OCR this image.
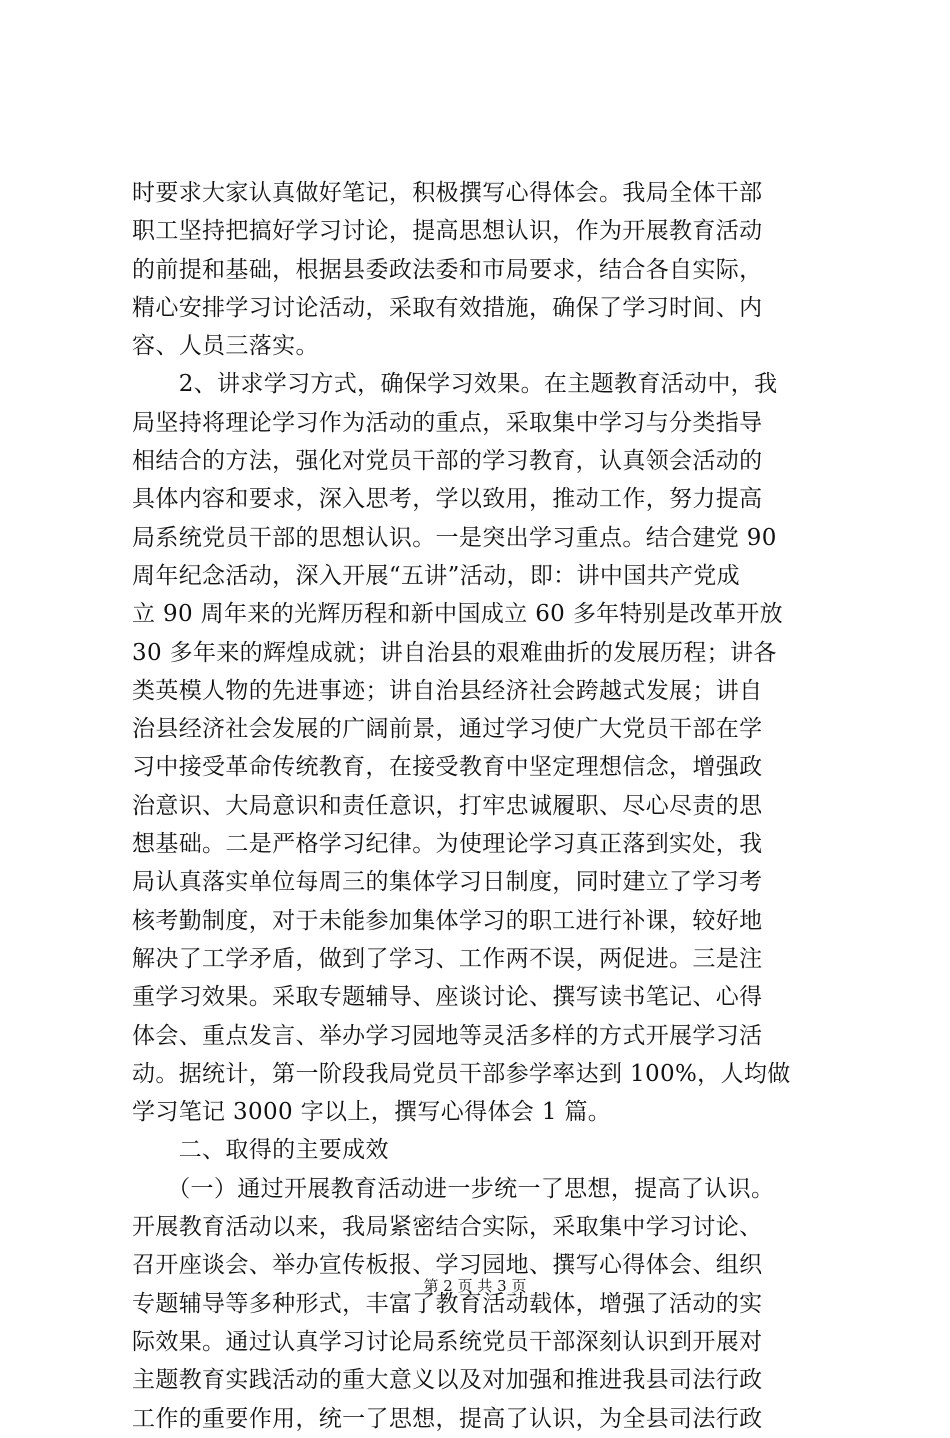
时要求大家认真做好笔记，积极撰写心得体会。我局全体干部
职工坚持把搞好学习讨论，提高思想认识，作为开展教育活动
的前提和基础，根据县委政法委和市局要求，结合各自实际，
精心安排学习讨论活动，采取有效措施，确保了学习时间、内
容、人员三落实。
　　2、讲求学习方式，确保学习效果。在主题教育活动中，我
局坚持将理论学习作为活动的重点，采取集中学习与分类指导
相结合的方法，强化对党员干部的学习教育，认真领会活动的
具体内容和要求，深入思考，学以致用，推动工作，努力提高
局系统党员干部的思想认识。一是突出学习重点。结合建党 90
周年纪念活动，深入开展“五讲”活动，即：讲中国共产党成
立 90 周年来的光辉历程和新中国成立 60 多年特别是改革开放
30 多年来的辉煌成就；讲自治县的艰难曲折的发展历程；讲各
类英模人物的先进事迹；讲自治县经济社会跨越式发展；讲自
治县经济社会发展的广阔前景，通过学习使广大党员干部在学
习中接受革命传统教育，在接受教育中坚定理想信念，增强政
治意识、大局意识和责任意识，打牢忠诚履职、尽心尽责的思
想基础。二是严格学习纪律。为使理论学习真正落到实处，我
局认真落实单位每周三的集体学习日制度，同时建立了学习考
核考勤制度，对于未能参加集体学习的职工进行补课，较好地
解决了工学矛盾，做到了学习、工作两不误，两促进。三是注
重学习效果。采取专题辅导、座谈讨论、撰写读书笔记、心得
体会、重点发言、举办学习园地等灵活多样的方式开展学习活
动。据统计，第一阶段我局党员干部参学率达到 100%，人均做
学习笔记 3000 字以上，撰写心得体会 1 篇。
　　二、取得的主要成效
　　（一）通过开展教育活动进一步统一了思想，提高了认识。
开展教育活动以来，我局紧密结合实际，采取集中学习讨论、
召开座谈会、举办宣传板报、学习园地、撰写心得体会、组织
专题辅导等多种形式，丰富了教育活动载体，增强了活动的实
际效果。通过认真学习讨论局系统党员干部深刻认识到开展对
主题教育实践活动的重大意义以及对加强和推进我县司法行政
工作的重要作用，统一了思想，提高了认识，为全县司法行政
第 2 页 共 3 页
